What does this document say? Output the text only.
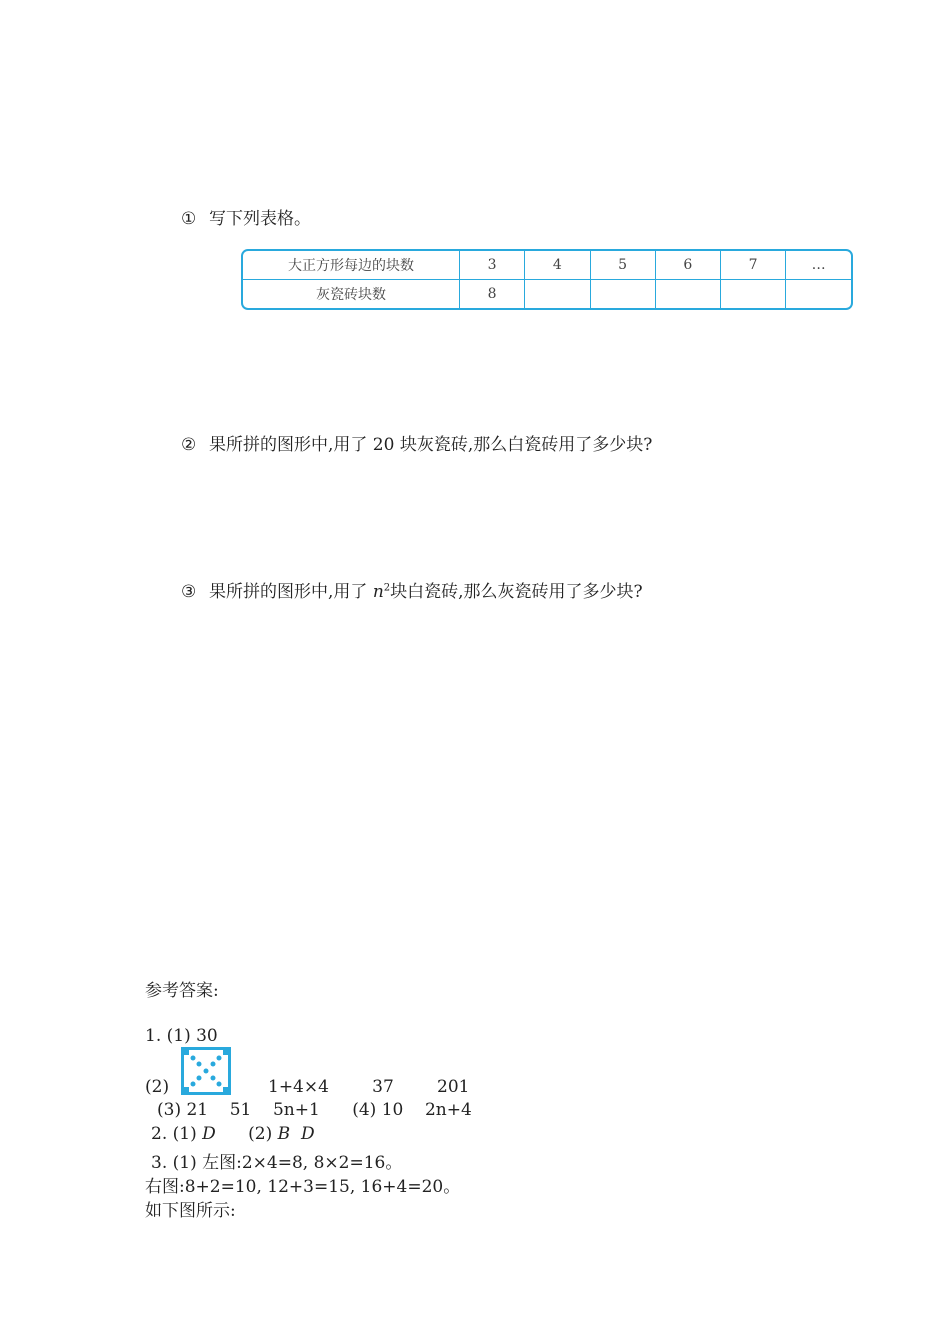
① 写下列表格。
大正方形每边的块数	3	4	5	6	7	…
灰瓷砖块数	8					
② 果所拼的图形中,用了 20 块灰瓷砖,那么白瓷砖用了多少块?
③ 果所拼的图形中,用了 $n^2$块白瓷砖,那么灰瓷砖用了多少块?
参考答案:
1. (1) 30
(2)	1+4×4        37        201
(3) 21    51    5n+1      (4) 10    2n+4
2. (1) D      (2) B D
3. (1) 左图:2×4=8, 8×2=16。
右图:8+2=10, 12+3=15, 16+4=20。
如下图所示:
